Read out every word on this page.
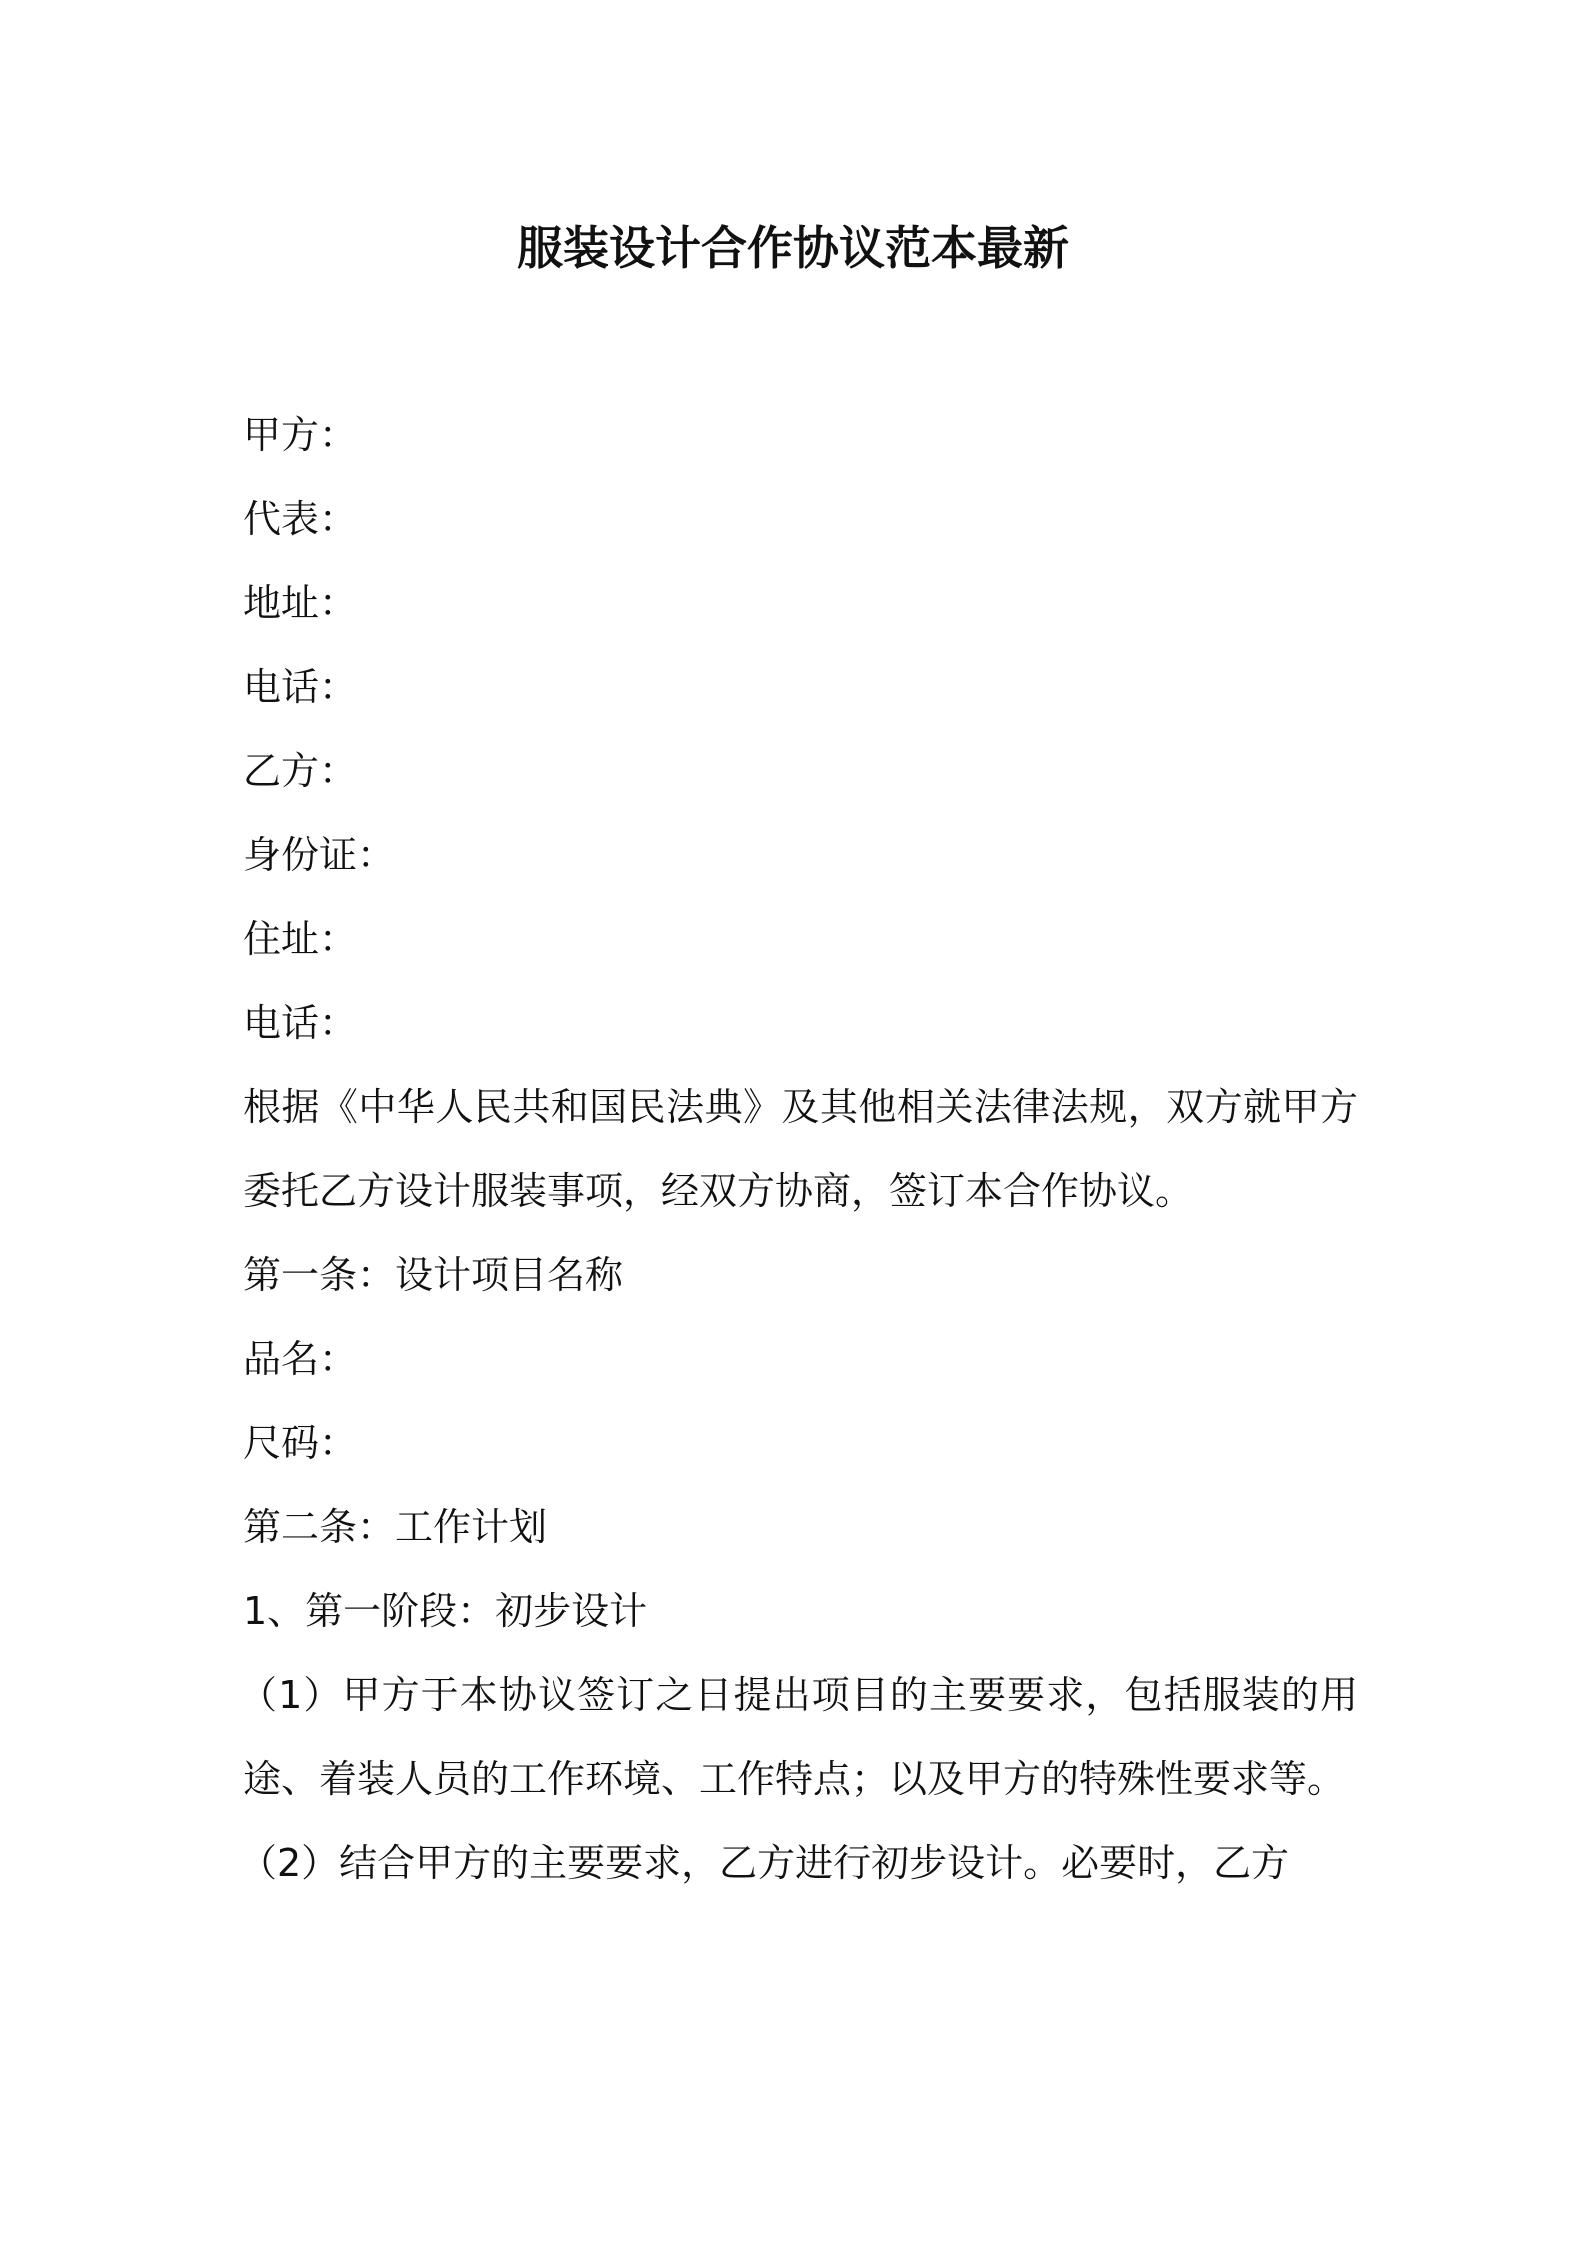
服装设计合作协议范本最新
甲方：
代表：
地址：
电话：
乙方：
身份证：
住址：
电话：
根据《中华人民共和国民法典》及其他相关法律法规，双方就甲方委托乙方设计服装事项，经双方协商，签订本合作协议。
第一条：设计项目名称
品名：
尺码：
第二条：工作计划
1、第一阶段：初步设计
（1）甲方于本协议签订之日提出项目的主要要求，包括服装的用途、着装人员的工作环境、工作特点；以及甲方的特殊性要求等。
（2）结合甲方的主要要求，乙方进行初步设计。必要时，乙方
